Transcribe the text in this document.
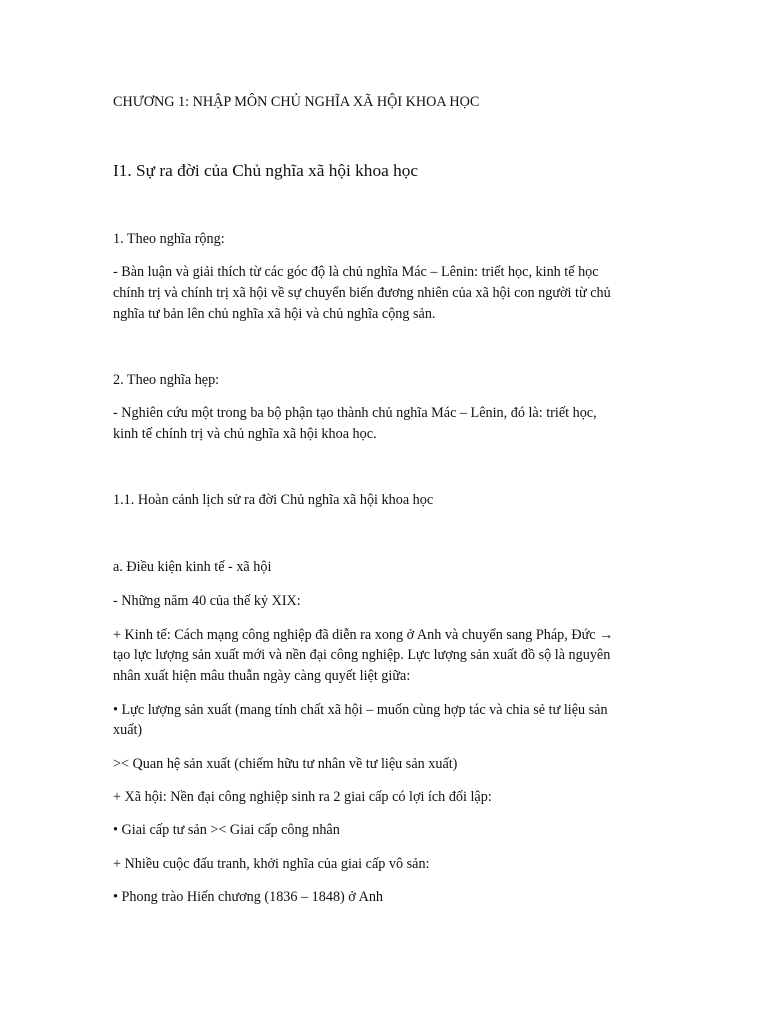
CHƯƠNG 1: NHẬP MÔN CHỦ NGHĨA XÃ HỘI KHOA HỌC

I1. Sự ra đời của Chủ nghĩa xã hội khoa học

1. Theo nghĩa rộng:

- Bàn luận và giải thích từ các góc độ là chủ nghĩa Mác – Lênin: triết học, kinh tế học

chính trị và chính trị xã hội về sự chuyển biến đương nhiên của xã hội con người từ chủ

nghĩa tư bản lên chủ nghĩa xã hội và chủ nghĩa cộng sản.

2. Theo nghĩa hẹp:

- Nghiên cứu một trong ba bộ phận tạo thành chủ nghĩa Mác – Lênin, đó là: triết học,

kinh tế chính trị và chủ nghĩa xã hội khoa học.

1.1. Hoàn cảnh lịch sử ra đời Chủ nghĩa xã hội khoa học

a. Điều kiện kinh tế - xã hội

- Những năm 40 của thế kỷ XIX:

+ Kinh tế: Cách mạng công nghiệp đã diễn ra xong ở Anh và chuyển sang Pháp, Đức →

tạo lực lượng sản xuất mới và nền đại công nghiệp. Lực lượng sản xuất đồ sộ là nguyên

nhân xuất hiện mâu thuẫn ngày càng quyết liệt giữa:

• Lực lượng sản xuất (mang tính chất xã hội – muốn cùng hợp tác và chia sẻ tư liệu sản

xuất)

>< Quan hệ sản xuất (chiếm hữu tư nhân về tư liệu sản xuất)

+ Xã hội: Nền đại công nghiệp sinh ra 2 giai cấp có lợi ích đối lập:

• Giai cấp tư sản >< Giai cấp công nhân

+ Nhiều cuộc đấu tranh, khởi nghĩa của giai cấp vô sản:

• Phong trào Hiến chương (1836 – 1848) ở Anh
